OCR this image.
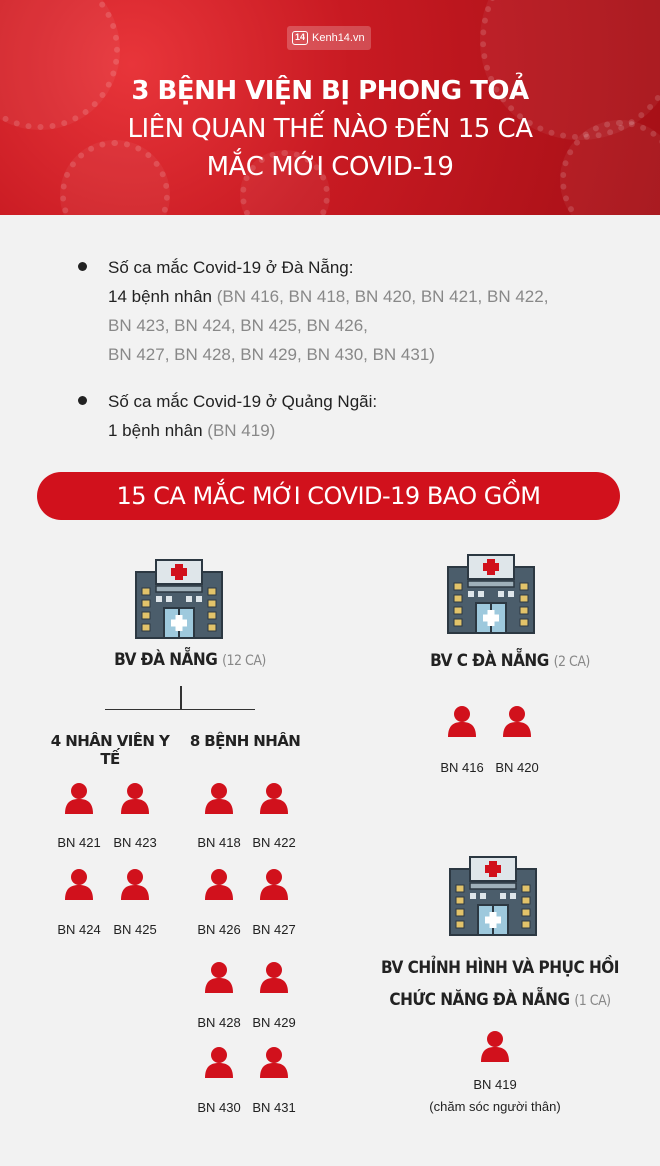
14 Kenh14.vn
3 BỆNH VIỆN BỊ PHONG TOẢ
LIÊN QUAN THẾ NÀO ĐẾN 15 CA
MẮC MỚI COVID-19
Số ca mắc Covid-19 ở Đà Nẵng:
14 bệnh nhân (BN 416, BN 418, BN 420, BN 421, BN 422,
BN 423, BN 424, BN 425, BN 426,
BN 427, BN 428, BN 429, BN 430, BN 431)
Số ca mắc Covid-19 ở Quảng Ngãi:
1 bệnh nhân (BN 419)
15 CA MẮC MỚI COVID-19 BAO GỒM
BV ĐÀ NẴNG (12 CA)
4 NHÂN VIÊN Y TẾ
8 BỆNH NHÂN
BN 421 BN 423
BN 424 BN 425
BN 418 BN 422
BN 426 BN 427
BN 428 BN 429
BN 430 BN 431
BV C ĐÀ NẴNG (2 CA)
BN 416 BN 420
BV CHỈNH HÌNH VÀ PHỤC HỒI
CHỨC NĂNG ĐÀ NẴNG (1 CA)
BN 419
(chăm sóc người thân)
